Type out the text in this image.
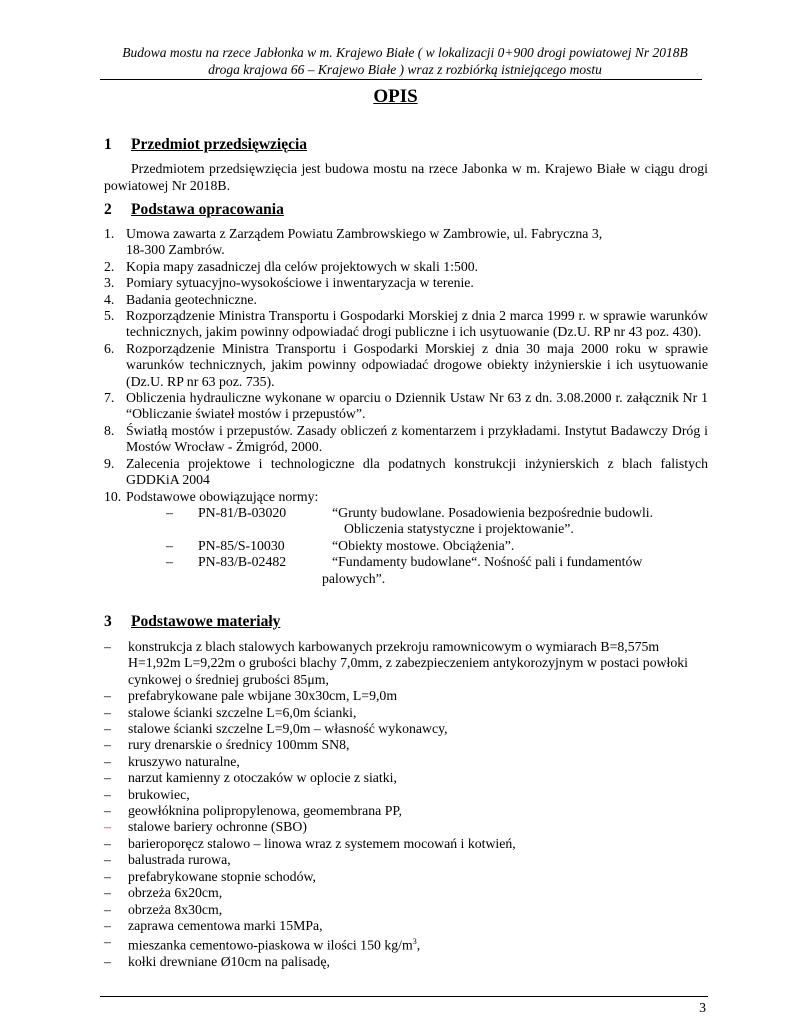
Budowa mostu na rzece Jabłonka w m. Krajewo Białe ( w lokalizacji 0+900 drogi powiatowej Nr 2018B
droga krajowa 66 – Krajewo Białe ) wraz z rozbiórką istniejącego mostu
OPIS
1 Przedmiot przedsięwzięcia
Przedmiotem przedsięwzięcia jest budowa mostu na rzece Jabonka w m. Krajewo Białe w ciągu drogi powiatowej Nr 2018B.
2 Podstawa opracowania
1. Umowa zawarta z Zarządem Powiatu Zambrowskiego w Zambrowie, ul. Fabryczna 3,
18-300 Zambrów.
2. Kopia mapy zasadniczej dla celów projektowych w skali 1:500.
3. Pomiary sytuacyjno-wysokościowe i inwentaryzacja w terenie.
4. Badania geotechniczne.
5. Rozporządzenie Ministra Transportu i Gospodarki Morskiej z dnia 2 marca 1999 r. w sprawie warunków technicznych, jakim powinny odpowiadać drogi publiczne i ich usytuowanie (Dz.U. RP nr 43 poz. 430).
6. Rozporządzenie Ministra Transportu i Gospodarki Morskiej z dnia 30 maja 2000 roku w sprawie warunków technicznych, jakim powinny odpowiadać drogowe obiekty inżynierskie i ich usytuowanie (Dz.U. RP nr 63 poz. 735).
7. Obliczenia hydrauliczne wykonane w oparciu o Dziennik Ustaw Nr 63 z dn. 3.08.2000 r. załącznik Nr 1 “Obliczanie świateł mostów i przepustów”.
8. Światłą mostów i przepustów. Zasady obliczeń z komentarzem i przykładami. Instytut Badawczy Dróg i Mostów Wrocław - Żmigród, 2000.
9. Zalecenia projektowe i technologiczne dla podatnych konstrukcji inżynierskich z blach falistych GDDKiA 2004
10. Podstawowe obowiązujące normy:
–	PN-81/B-03020	“Grunty budowlane. Posadowienia bezpośrednie budowli.
Obliczenia statystyczne i projektowanie”.
–	PN-85/S-10030	“Obiekty mostowe. Obciążenia”.
–	PN-83/B-02482	“Fundamenty budowlane“. Nośność pali i fundamentów
palowych”.
3 Podstawowe materiały
– konstrukcja z blach stalowych karbowanych przekroju ramownicowym o wymiarach B=8,575m H=1,92m L=9,22m o grubości blachy 7,0mm, z zabezpieczeniem antykorozyjnym w postaci powłoki cynkowej o średniej grubości 85μm,
– prefabrykowane pale wbijane 30x30cm, L=9,0m
– stalowe ścianki szczelne L=6,0m ścianki,
– stalowe ścianki szczelne L=9,0m – własność wykonawcy,
– rury drenarskie o średnicy 100mm SN8,
– kruszywo naturalne,
– narzut kamienny z otoczaków w oplocie z siatki,
– brukowiec,
– geowłóknina polipropylenowa, geomembrana PP,
– stalowe bariery ochronne (SBO)
– barieroporęcz stalowo – linowa wraz z systemem mocowań i kotwień,
– balustrada rurowa,
– prefabrykowane stopnie schodów,
– obrzeża 6x20cm,
– obrzeża 8x30cm,
– zaprawa cementowa marki 15MPa,
– mieszanka cementowo-piaskowa w ilości 150 $kg/m^3$,
– kołki drewniane Ø10cm na palisadę,
3
